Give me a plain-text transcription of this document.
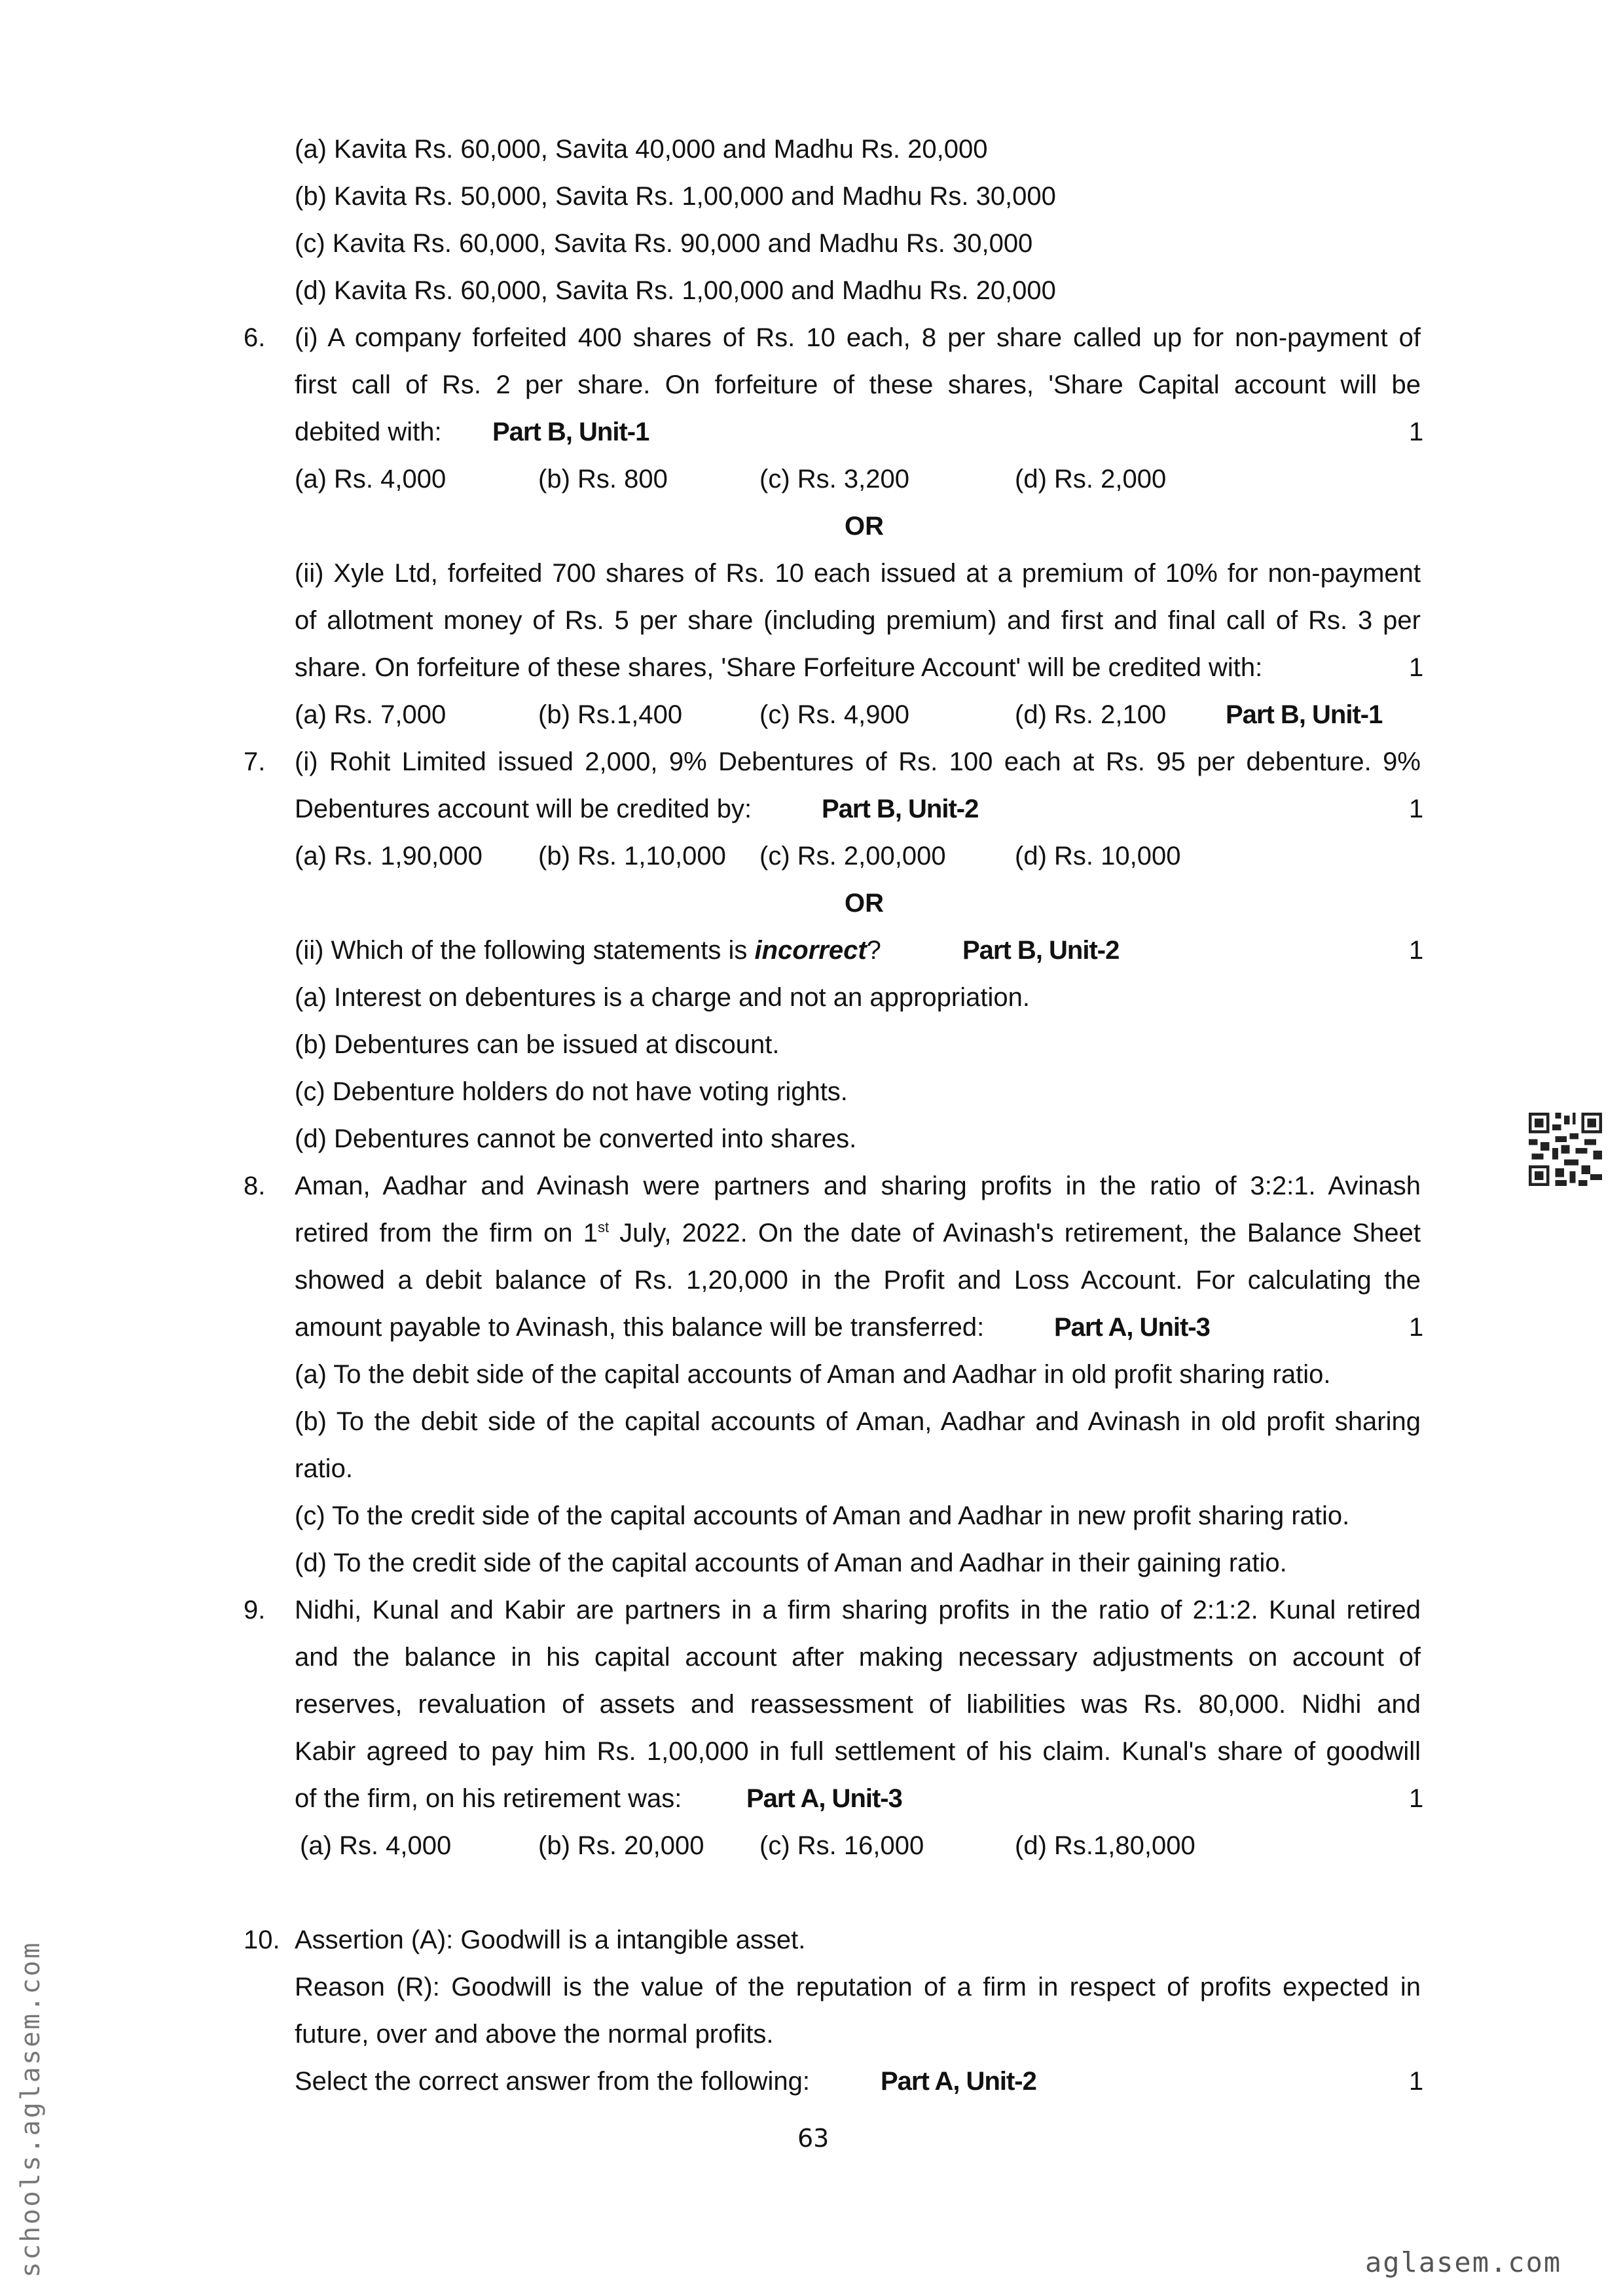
(a) Kavita Rs. 60,000, Savita 40,000 and Madhu Rs. 20,000
(b) Kavita Rs. 50,000, Savita Rs. 1,00,000 and Madhu Rs. 30,000
(c) Kavita Rs. 60,000, Savita Rs. 90,000 and Madhu Rs. 30,000
(d) Kavita Rs. 60,000, Savita Rs. 1,00,000 and Madhu Rs. 20,000
6. (i) A company forfeited 400 shares of Rs. 10 each, 8 per share called up for non-payment of
first call of Rs. 2 per share. On forfeiture of these shares, 'Share Capital account will be
debited with: Part B, Unit-1	1
(a) Rs. 4,000	(b) Rs. 800	(c) Rs. 3,200	(d) Rs. 2,000
OR
(ii) Xyle Ltd, forfeited 700 shares of Rs. 10 each issued at a premium of 10% for non-payment
of allotment money of Rs. 5 per share (including premium) and first and final call of Rs. 3 per
share. On forfeiture of these shares, 'Share Forfeiture Account' will be credited with:	1
(a) Rs. 7,000	(b) Rs.1,400	(c) Rs. 4,900	(d) Rs. 2,100 Part B, Unit-1
7. (i) Rohit Limited issued 2,000, 9% Debentures of Rs. 100 each at Rs. 95 per debenture. 9%
Debentures account will be credited by:	Part B, Unit-2	1
(a) Rs. 1,90,000 (b) Rs. 1,10,000 (c) Rs. 2,00,000	(d) Rs. 10,000
OR
(ii) Which of the following statements is incorrect?	Part B, Unit-2	1
(a) Interest on debentures is a charge and not an appropriation.
(b) Debentures can be issued at discount.
(c) Debenture holders do not have voting rights.
(d) Debentures cannot be converted into shares.
8. Aman, Aadhar and Avinash were partners and sharing profits in the ratio of 3:2:1. Avinash
retired from the firm on 1st July, 2022. On the date of Avinash's retirement, the Balance Sheet
showed a debit balance of Rs. 1,20,000 in the Profit and Loss Account. For calculating the
amount payable to Avinash, this balance will be transferred:	Part A, Unit-3	1
(a) To the debit side of the capital accounts of Aman and Aadhar in old profit sharing ratio.
(b) To the debit side of the capital accounts of Aman, Aadhar and Avinash in old profit sharing
ratio.
(c) To the credit side of the capital accounts of Aman and Aadhar in new profit sharing ratio.
(d) To the credit side of the capital accounts of Aman and Aadhar in their gaining ratio.
9. Nidhi, Kunal and Kabir are partners in a firm sharing profits in the ratio of 2:1:2. Kunal retired
and the balance in his capital account after making necessary adjustments on account of
reserves, revaluation of assets and reassessment of liabilities was Rs. 80,000. Nidhi and
Kabir agreed to pay him Rs. 1,00,000 in full settlement of his claim. Kunal's share of goodwill
of the firm, on his retirement was: Part A, Unit-3	1
(a) Rs. 4,000	(b) Rs. 20,000 (c) Rs. 16,000	(d) Rs.1,80,000
10. Assertion (A): Goodwill is a intangible asset.
Reason (R): Goodwill is the value of the reputation of a firm in respect of profits expected in
future, over and above the normal profits.
Select the correct answer from the following:	Part A, Unit-2	1
63
schools.aglasem.com	aglasem.com
